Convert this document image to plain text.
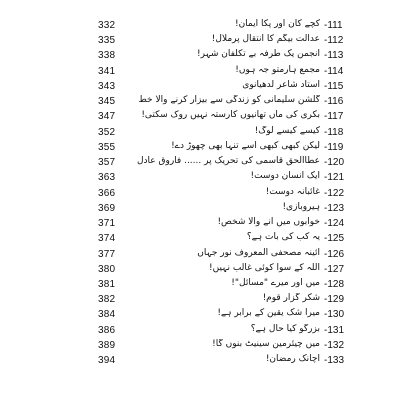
332	کچے کان اور پکا ایمان! -111
335	عدالت بیگم کا انتقال پرملال! -112
338	انجمن یک طرفہ بے تکلفان شہر! -113
341	مجمع ہارمتو جہ ہوں! -114
343	استاد شاعر لدھیانوی -115
345	گلشن سلیمانی کو زندگی سے بیزار کرنے والا خط -116
347	بکری کی ماں تھانیوں کارستہ نہیں روک سکتی! -117
352	کیسے کیسے لوگ! -118
355	لیکن کبھی کبھی اسے تنہا بھی چھوڑ دے! -119
357	عطاالحق قاسمی کی تحریک پر ...... فاروق عادل -120
363	ایک انسان دوست! -121
366	غائبانہ دوست! -122
369	ہیروبازی! -123
371	خوابوں میں آنے والا شخص! -124
374	یہ کب کی بات ہے؟ -125
377	آئینہ مصحفی المعروف نور جہاں -126
380	اللہ کے سوا کوئی غالب نہیں! -127
381	میں اور میرے "مسائل"! -128
382	شکر گزار قوم! -129
384	میرا شک یقین کے برابر ہے! -130
386	بزرگو کیا حال ہے؟ -131
389	میں چیئرمین سینیٹ بنوں گا! -132
394	اچانک رمضان! -133
